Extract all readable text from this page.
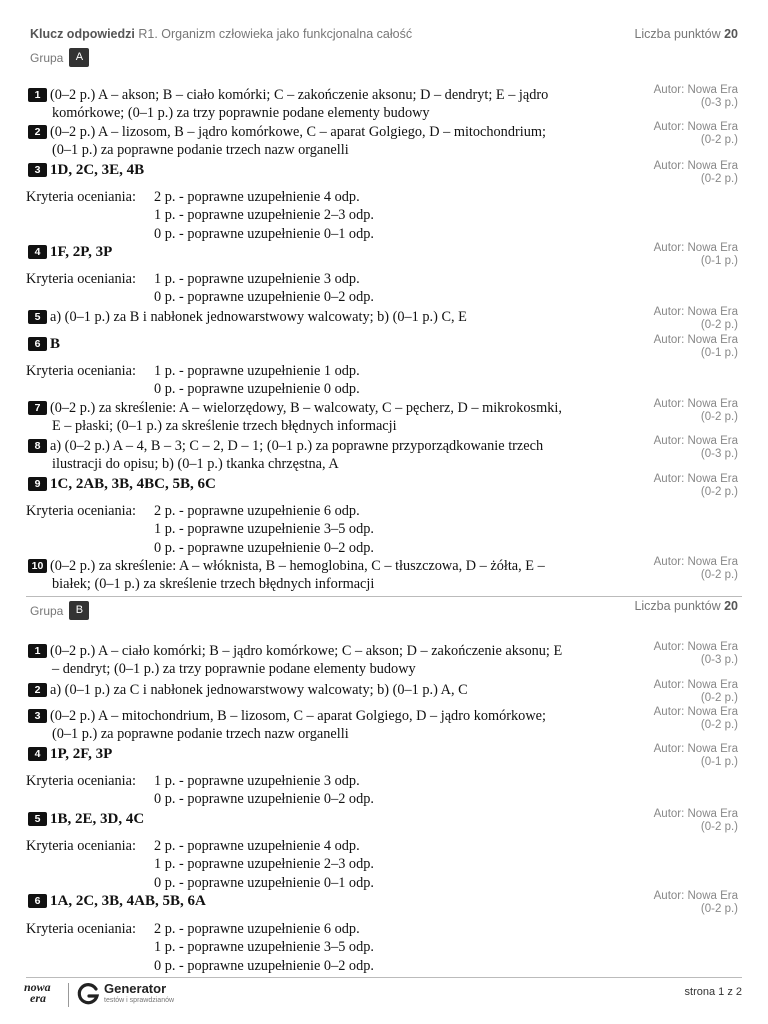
Klucz odpowiedzi R1. Organizm człowieka jako funkcjonalna całość	Liczba punktów 20
Grupa	A
1 (0–2 p.) A – akson; B – ciało komórki; C – zakończenie aksonu; D – dendryt; E – jądro
komórkowe; (0–1 p.) za trzy poprawnie podane elementy budowy
Autor: Nowa Era
(0-3 p.)
2 (0–2 p.) A – lizosom, B – jądro komórkowe, C – aparat Golgiego, D – mitochondrium;
(0–1 p.) za poprawne podanie trzech nazw organelli
Autor: Nowa Era
(0-2 p.)
3 1D, 2C, 3E, 4B	Autor: Nowa Era
(0-2 p.)
Kryteria oceniania:	2 p. - poprawne uzupełnienie 4 odp.
1 p. - poprawne uzupełnienie 2–3 odp.
0 p. - poprawne uzupełnienie 0–1 odp.
4 1F, 2P, 3P	Autor: Nowa Era
(0-1 p.)
Kryteria oceniania:	1 p. - poprawne uzupełnienie 3 odp.
0 p. - poprawne uzupełnienie 0–2 odp.
5 a) (0–1 p.) za B i nabłonek jednowarstwowy walcowaty; b) (0–1 p.) C, E	Autor: Nowa Era
(0-2 p.)
6 B	Autor: Nowa Era
(0-1 p.)
Kryteria oceniania:	1 p. - poprawne uzupełnienie 1 odp.
0 p. - poprawne uzupełnienie 0 odp.
7 (0–2 p.) za skreślenie: A – wielorzędowy, B – walcowaty, C – pęcherz, D – mikrokosmki,
E – płaski; (0–1 p.) za skreślenie trzech błędnych informacji
Autor: Nowa Era
(0-2 p.)
8 a) (0–2 p.) A – 4, B – 3; C – 2, D – 1; (0–1 p.) za poprawne przyporządkowanie trzech
ilustracji do opisu; b) (0–1 p.) tkanka chrzęstna, A
Autor: Nowa Era
(0-3 p.)
9 1C, 2AB, 3B, 4BC, 5B, 6C	Autor: Nowa Era
(0-2 p.)
Kryteria oceniania:	2 p. - poprawne uzupełnienie 6 odp.
1 p. - poprawne uzupełnienie 3–5 odp.
0 p. - poprawne uzupełnienie 0–2 odp.
10 (0–2 p.) za skreślenie: A – włóknista, B – hemoglobina, C – tłuszczowa, D – żółta, E –
białek; (0–1 p.) za skreślenie trzech błędnych informacji
Autor: Nowa Era
(0-2 p.)
Grupa	B	Liczba punktów 20
1 (0–2 p.) A – ciało komórki; B – jądro komórkowe; C – akson; D – zakończenie aksonu; E
– dendryt; (0–1 p.) za trzy poprawnie podane elementy budowy
Autor: Nowa Era
(0-3 p.)
2 a) (0–1 p.) za C i nabłonek jednowarstwowy walcowaty; b) (0–1 p.) A, C	Autor: Nowa Era
(0-2 p.)
3 (0–2 p.) A – mitochondrium, B – lizosom, C – aparat Golgiego, D – jądro komórkowe;
(0–1 p.) za poprawne podanie trzech nazw organelli
Autor: Nowa Era
(0-2 p.)
4 1P, 2F, 3P	Autor: Nowa Era
(0-1 p.)
Kryteria oceniania:	1 p. - poprawne uzupełnienie 3 odp.
0 p. - poprawne uzupełnienie 0–2 odp.
5 1B, 2E, 3D, 4C	Autor: Nowa Era
(0-2 p.)
Kryteria oceniania:	2 p. - poprawne uzupełnienie 4 odp.
1 p. - poprawne uzupełnienie 2–3 odp.
0 p. - poprawne uzupełnienie 0–1 odp.
6 1A, 2C, 3B, 4AB, 5B, 6A	Autor: Nowa Era
(0-2 p.)
Kryteria oceniania:	2 p. - poprawne uzupełnienie 6 odp.
1 p. - poprawne uzupełnienie 3–5 odp.
0 p. - poprawne uzupełnienie 0–2 odp.
nowa
era
Generator
testów i sprawdzianów
strona 1 z 2
